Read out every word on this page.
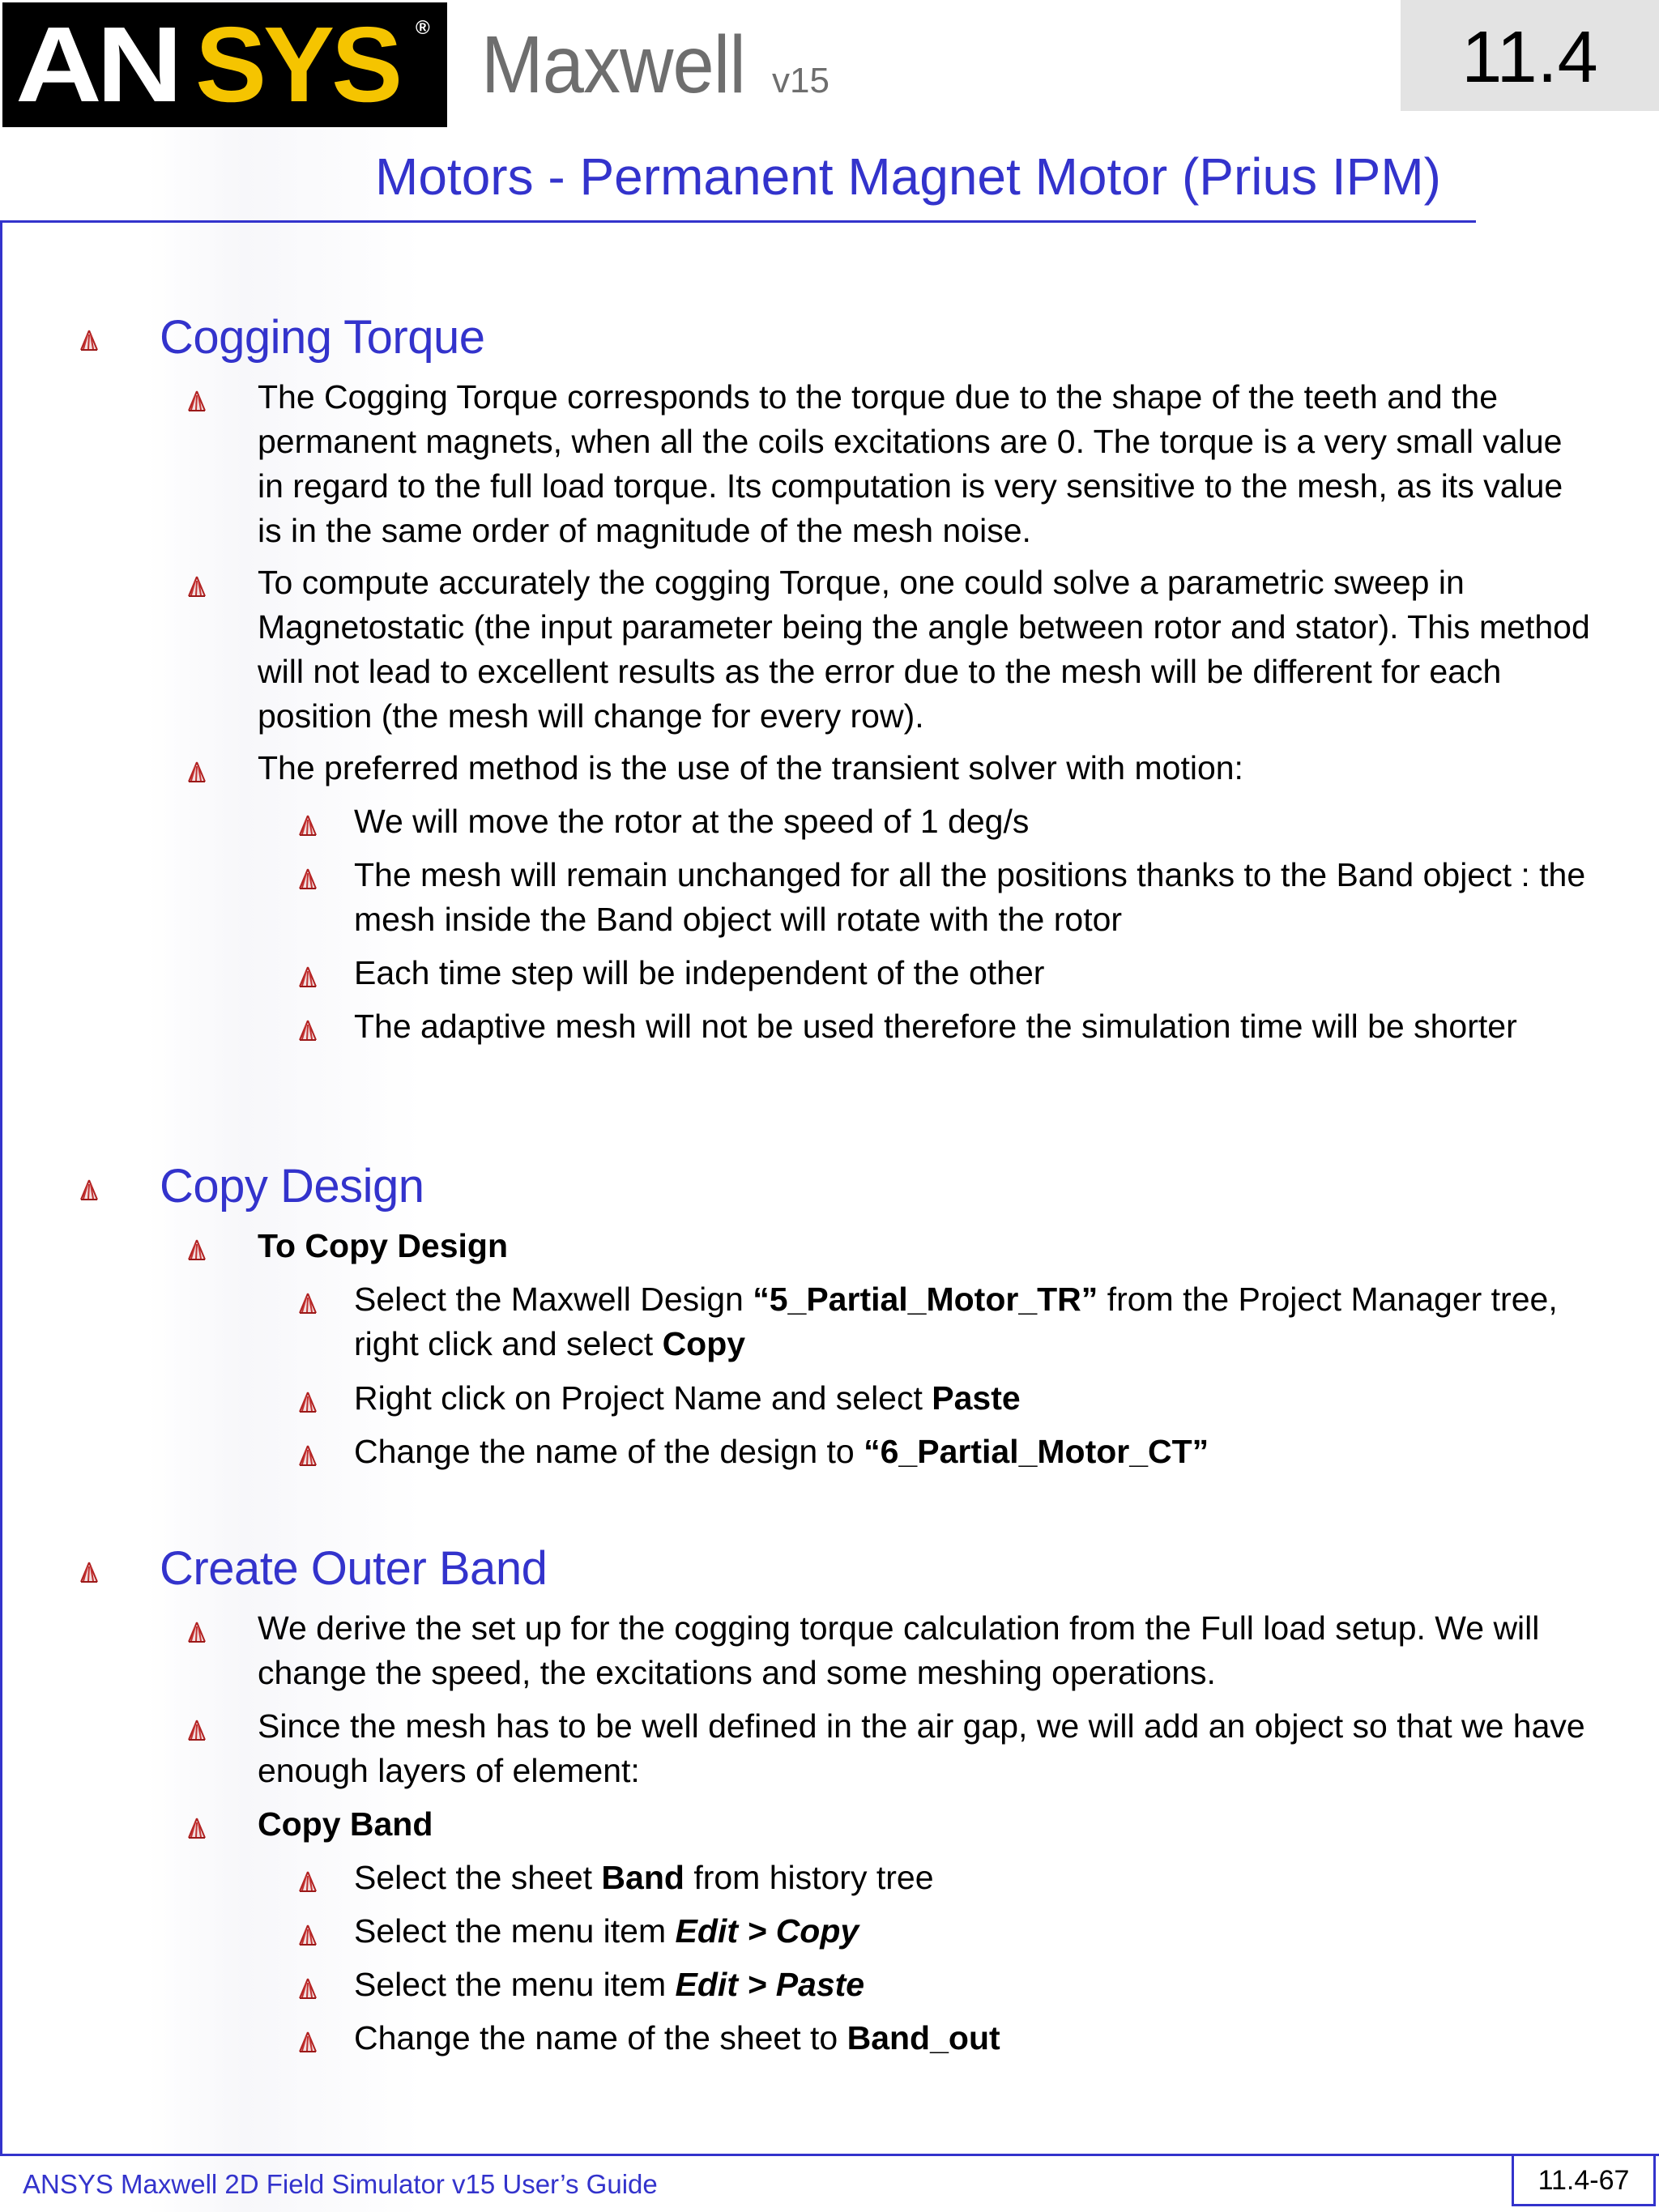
AN SYS ® Maxwell v15	11.4
Motors - Permanent Magnet Motor (Prius IPM)
Cogging Torque
The Cogging Torque corresponds to the torque due to the shape of the teeth and the permanent magnets, when all the coils excitations are 0. The torque is a very small value in regard to the full load torque. Its computation is very sensitive to the mesh, as its value is in the same order of magnitude of the mesh noise.
To compute accurately the cogging Torque, one could solve a parametric sweep in Magnetostatic (the input parameter being the angle between rotor and stator). This method will not lead to excellent results as the error due to the mesh will be different for each position (the mesh will change for every row).
The preferred method is the use of the transient solver with motion:
We will move the rotor at the speed of 1 deg/s
The mesh will remain unchanged for all the positions thanks to the Band object : the mesh inside the Band object will rotate with the rotor
Each time step will be independent of the other
The adaptive mesh will not be used therefore the simulation time will be shorter
Copy Design
To Copy Design
Select the Maxwell Design “5_Partial_Motor_TR” from the Project Manager tree, right click and select Copy
Right click on Project Name and select Paste
Change the name of the design to “6_Partial_Motor_CT”
Create Outer Band
We derive the set up for the cogging torque calculation from the Full load setup. We will change the speed, the excitations and some meshing operations.
Since the mesh has to be well defined in the air gap, we will add an object so that we have enough layers of element:
Copy Band
Select the sheet Band from history tree
Select the menu item Edit > Copy
Select the menu item Edit > Paste
Change the name of the sheet to Band_out
ANSYS Maxwell 2D Field Simulator v15 User’s Guide	11.4-67
